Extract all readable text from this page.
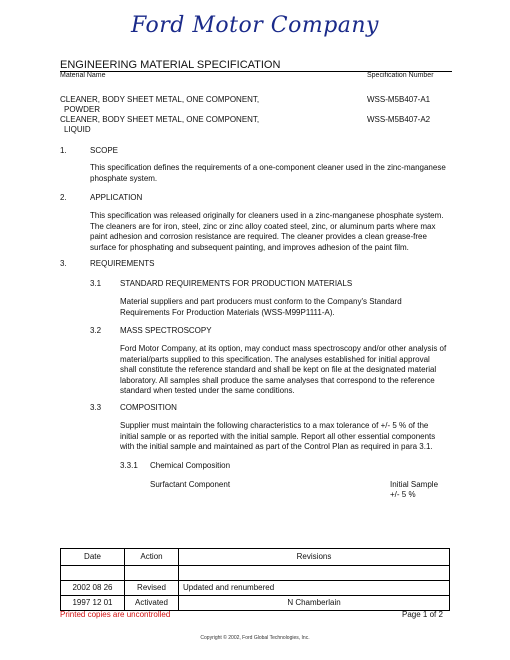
Ford Motor Company
ENGINEERING MATERIAL SPECIFICATION
Material Name	Specification Number
CLEANER, BODY SHEET METAL, ONE COMPONENT,
POWDER
WSS-M5B407-A1
CLEANER, BODY SHEET METAL, ONE COMPONENT,
LIQUID
WSS-M5B407-A2
1.	SCOPE
This specification defines the requirements of a one-component cleaner used in the zinc-manganese
phosphate system.
2.	APPLICATION
This specification was released originally for cleaners used in a zinc-manganese phosphate system.
The cleaners are for iron, steel, zinc or zinc alloy coated steel, zinc, or aluminum parts where max
paint adhesion and corrosion resistance are required. The cleaner provides a clean grease-free
surface for phosphating and subsequent painting, and improves adhesion of the paint film.
3.	REQUIREMENTS
3.1 STANDARD REQUIREMENTS FOR PRODUCTION MATERIALS
Material suppliers and part producers must conform to the Company's Standard
Requirements For Production Materials (WSS-M99P1111-A).
3.2 MASS SPECTROSCOPY
Ford Motor Company, at its option, may conduct mass spectroscopy and/or other analysis of
material/parts supplied to this specification. The analyses established for initial approval
shall constitute the reference standard and shall be kept on file at the designated material
laboratory. All samples shall produce the same analyses that correspond to the reference
standard when tested under the same conditions.
3.3 COMPOSITION
Supplier must maintain the following characteristics to a max tolerance of +/- 5 % of the
initial sample or as reported with the initial sample. Report all other essential components
with the initial sample and maintained as part of the Control Plan as required in para 3.1.
3.3.1 Chemical Composition
Surfactant Component	Initial Sample
+/- 5 %
Date	Action	Revisions

2002 08 26	Revised	Updated and renumbered
1997 12 01	Activated	N Chamberlain
Printed copies are uncontrolled	Page 1 of 2
Copyright © 2002, Ford Global Technologies, Inc.
